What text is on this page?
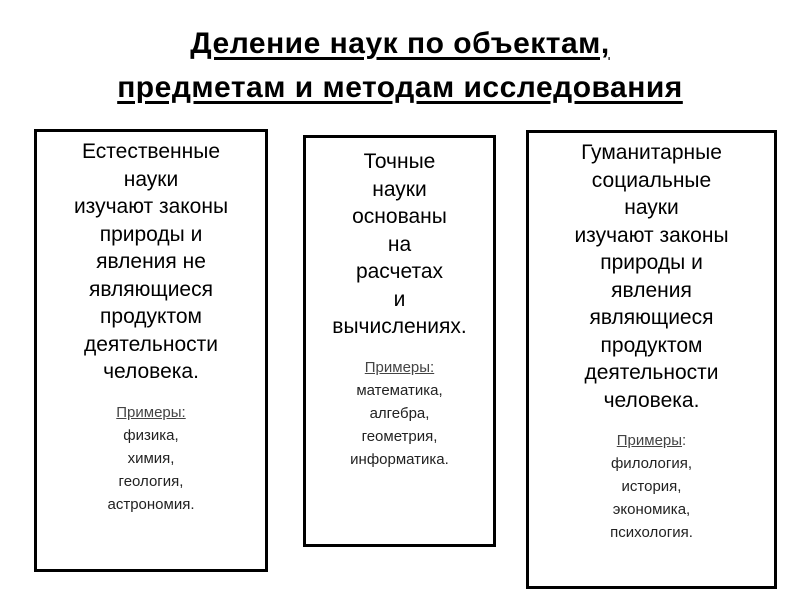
Деление наук по объектам,
предметам и методам исследования
Естественные
науки
изучают законы
природы и
явления не
являющиеся
продуктом
деятельности
человека.
Примеры:
физика,
химия,
геология,
астрономия.
Точные
науки
основаны
на
расчетах
и
вычислениях.
Примеры:
математика,
алгебра,
геометрия,
информатика.
Гуманитарные
социальные
науки
изучают законы
природы и
явления
являющиеся
продуктом
деятельности
человека.
Примеры:
филология,
история,
экономика,
психология.
